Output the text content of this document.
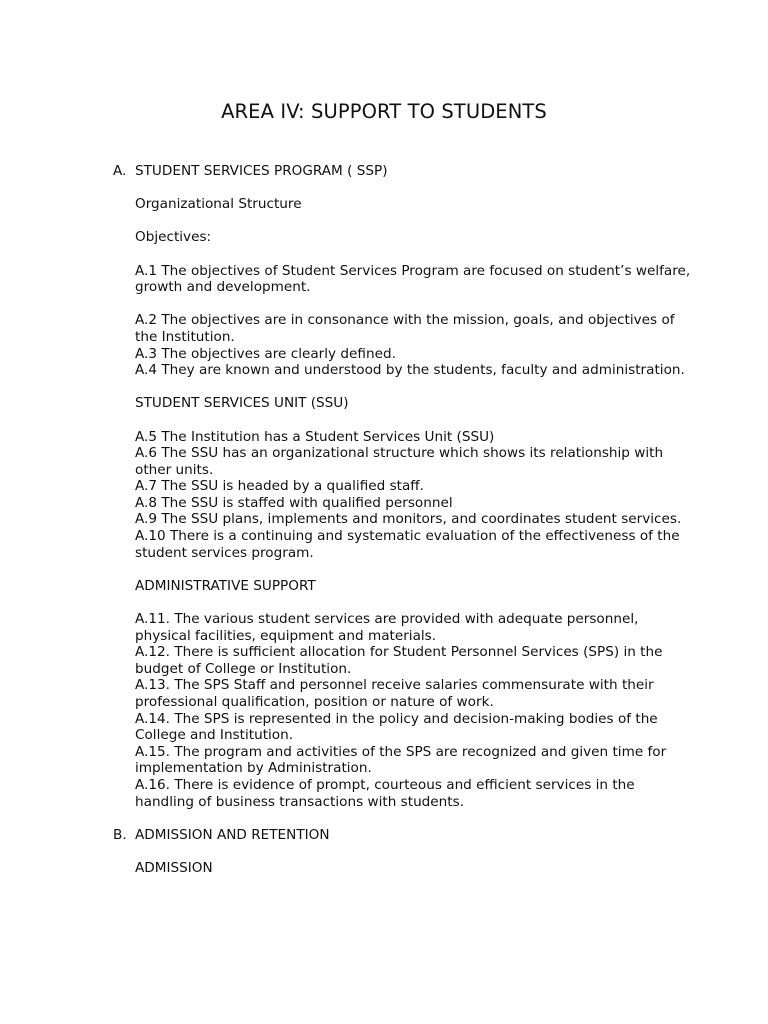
AREA IV: SUPPORT TO STUDENTS

A. STUDENT SERVICES PROGRAM ( SSP)

Organizational Structure

Objectives:

A.1 The objectives of Student Services Program are focused on student’s welfare, growth and development.

A.2 The objectives are in consonance with the mission, goals, and objectives of the Institution.

A.3 The objectives are clearly defined.

A.4 They are known and understood by the students, faculty and administration.

STUDENT SERVICES UNIT (SSU)

A.5 The Institution has a Student Services Unit (SSU)

A.6 The SSU has an organizational structure which shows its relationship with other units.

A.7 The SSU is headed by a qualified staff.

A.8 The SSU is staffed with qualified personnel

A.9 The SSU plans, implements and monitors, and coordinates student services.

A.10 There is a continuing and systematic evaluation of the effectiveness of the student services program.

ADMINISTRATIVE SUPPORT

A.11. The various student services are provided with adequate personnel, physical facilities, equipment and materials.

A.12. There is sufficient allocation for Student Personnel Services (SPS) in the budget of College or Institution.

A.13. The SPS Staff and personnel receive salaries commensurate with their professional qualification, position or nature of work.

A.14. The SPS is represented in the policy and decision-making bodies of the College and Institution.

A.15. The program and activities of the SPS are recognized and given time for implementation by Administration.

A.16. There is evidence of prompt, courteous and efficient services in the handling of business transactions with students.

B. ADMISSION AND RETENTION

ADMISSION
